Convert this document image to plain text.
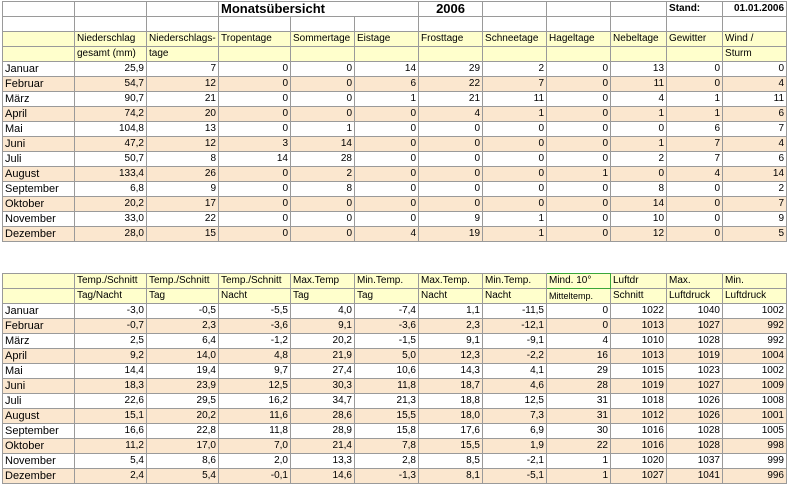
			Monatsübersicht			2006				Stand:	01.01.2006

	Niederschlag	Niederschlags-	Tropentage	Sommertage	Eistage	Frosttage	Schneetage	Hageltage	Nebeltage	Gewitter	Wind /
	gesamt (mm)	tage									Sturm
Januar	25,9	7	0	0	14	29	2	0	13	0	0
Februar	54,7	12	0	0	6	22	7	0	11	0	4
März	90,7	21	0	0	1	21	11	0	4	1	11
April	74,2	20	0	0	0	4	1	0	1	1	6
Mai	104,8	13	0	1	0	0	0	0	0	6	7
Juni	47,2	12	3	14	0	0	0	0	1	7	4
Juli	50,7	8	14	28	0	0	0	0	2	7	6
August	133,4	26	0	2	0	0	0	1	0	4	14
September	6,8	9	0	8	0	0	0	0	8	0	2
Oktober	20,2	17	0	0	0	0	0	0	14	0	7
November	33,0	22	0	0	0	9	1	0	10	0	9
Dezember	28,0	15	0	0	4	19	1	0	12	0	5
	Temp./Schnitt	Temp./Schnitt	Temp./Schnitt	Max.Temp	Min.Temp.	Max.Temp.	Min.Temp.	Mind. 10°	Luftdr	Max.	Min.
	Tag/Nacht	Tag	Nacht	Tag	Tag	Nacht	Nacht	Mitteltemp.	Schnitt	Luftdruck	Luftdruck
Januar	-3,0	-0,5	-5,5	4,0	-7,4	1,1	-11,5	0	1022	1040	1002
Februar	-0,7	2,3	-3,6	9,1	-3,6	2,3	-12,1	0	1013	1027	992
März	2,5	6,4	-1,2	20,2	-1,5	9,1	-9,1	4	1010	1028	992
April	9,2	14,0	4,8	21,9	5,0	12,3	-2,2	16	1013	1019	1004
Mai	14,4	19,4	9,7	27,4	10,6	14,3	4,1	29	1015	1023	1002
Juni	18,3	23,9	12,5	30,3	11,8	18,7	4,6	28	1019	1027	1009
Juli	22,6	29,5	16,2	34,7	21,3	18,8	12,5	31	1018	1026	1008
August	15,1	20,2	11,6	28,6	15,5	18,0	7,3	31	1012	1026	1001
September	16,6	22,8	11,8	28,9	15,8	17,6	6,9	30	1016	1028	1005
Oktober	11,2	17,0	7,0	21,4	7,8	15,5	1,9	22	1016	1028	998
November	5,4	8,6	2,0	13,3	2,8	8,5	-2,1	1	1020	1037	999
Dezember	2,4	5,4	-0,1	14,6	-1,3	8,1	-5,1	1	1027	1041	996
